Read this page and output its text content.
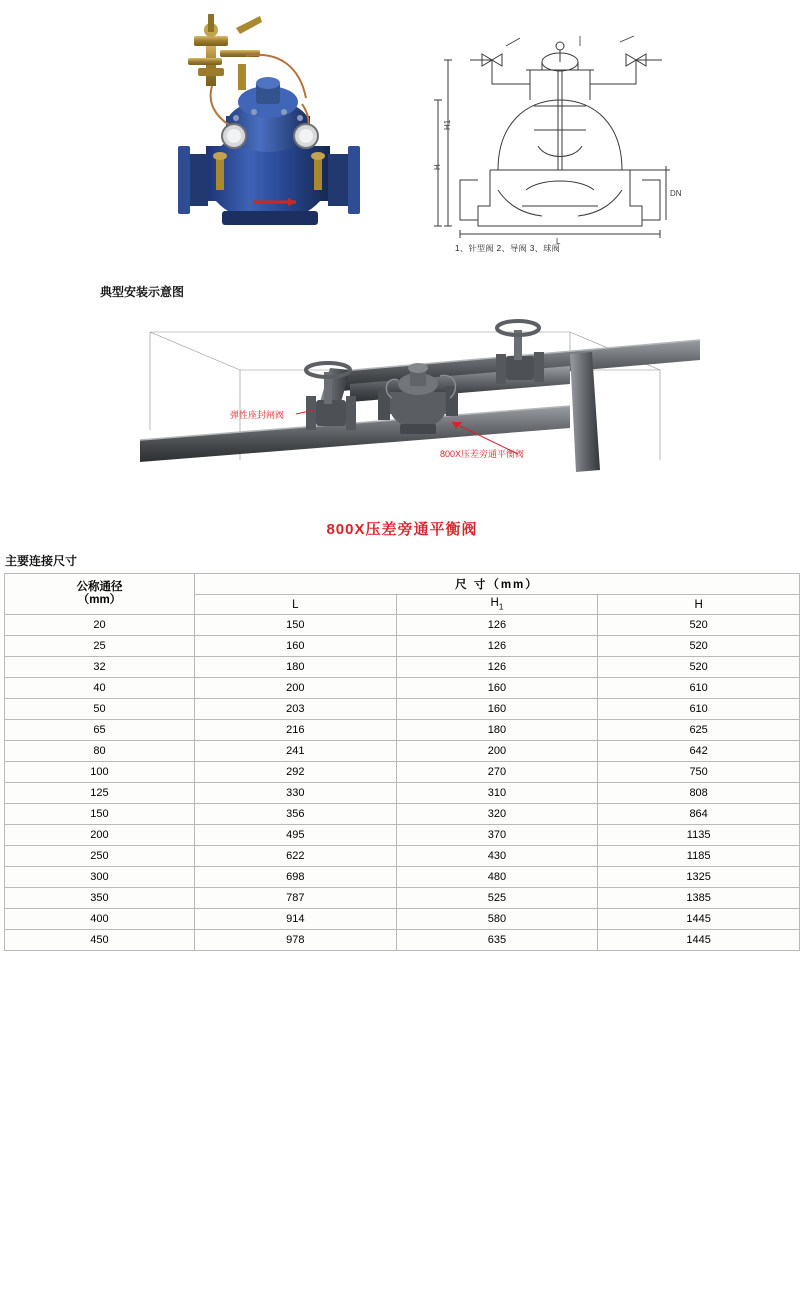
H1
H
L
DN
1、针型阀 2、导阀 3、球阀
典型安装示意图
弹性座封闸阀
800X压差旁通平衡阀
800X压差旁通平衡阀
主要连接尺寸
公称通径
（mm）	尺 寸（mm）		
	L	$H_1$	H
20	150	126	520
25	160	126	520
32	180	126	520
40	200	160	610
50	203	160	610
65	216	180	625
80	241	200	642
100	292	270	750
125	330	310	808
150	356	320	864
200	495	370	1135
250	622	430	1185
300	698	480	1325
350	787	525	1385
400	914	580	1445
450	978	635	1445
